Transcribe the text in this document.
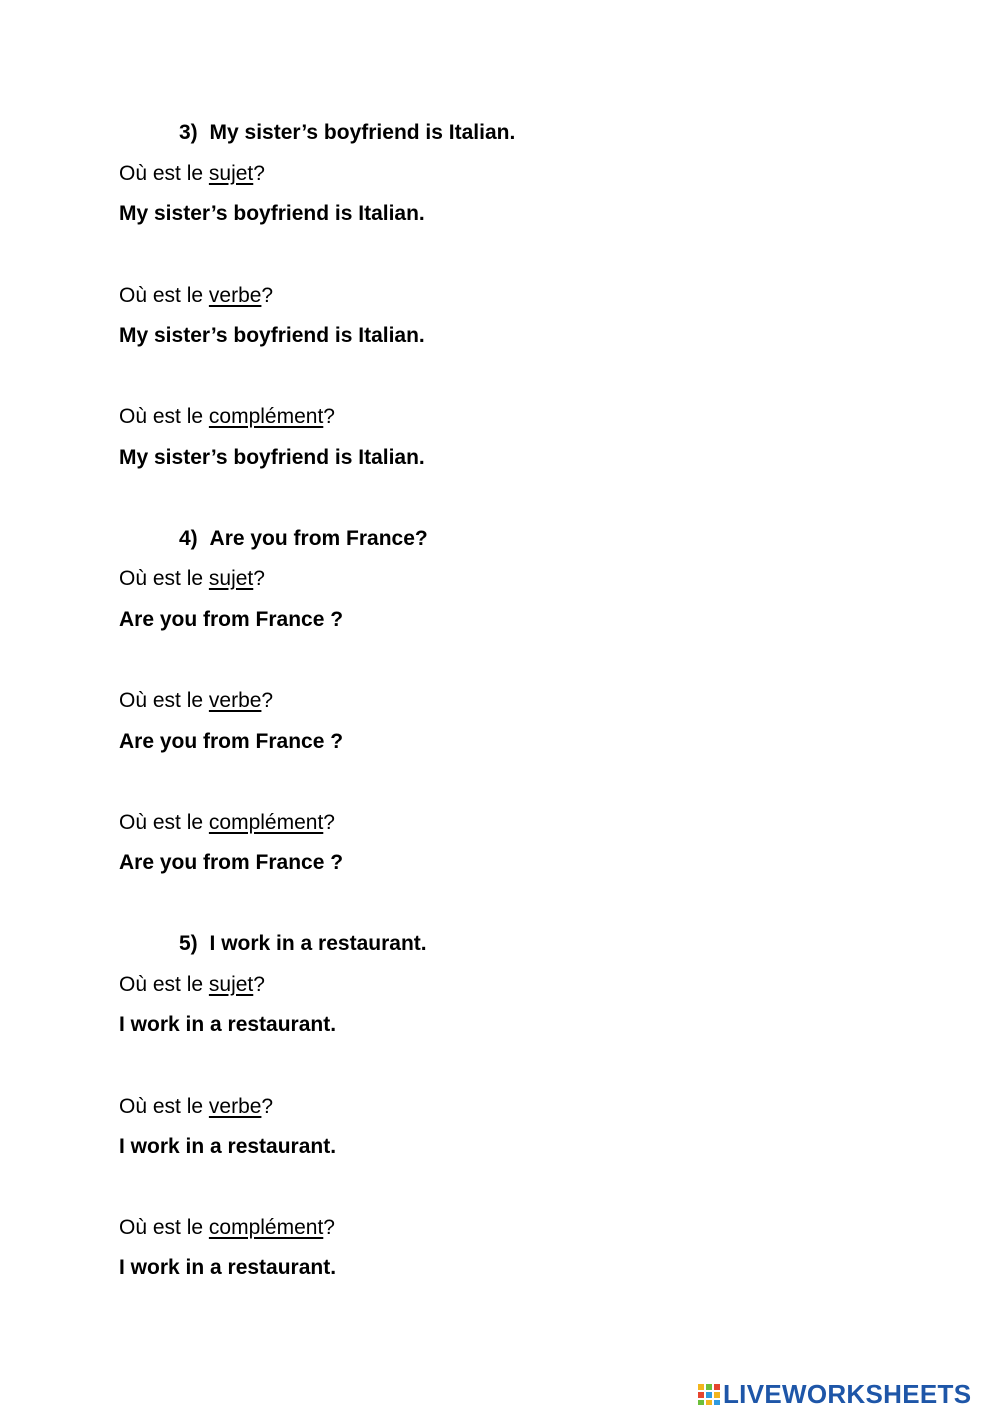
3) My sister’s boyfriend is Italian.
Où est le sujet?
My sister’s boyfriend is Italian.
Où est le verbe?
My sister’s boyfriend is Italian.
Où est le complément?
My sister’s boyfriend is Italian.
4) Are you from France?
Où est le sujet?
Are you from France ?
Où est le verbe?
Are you from France ?
Où est le complément?
Are you from France ?
5) I work in a restaurant.
Où est le sujet?
I work in a restaurant.
Où est le verbe?
I work in a restaurant.
Où est le complément?
I work in a restaurant.
LIVEWORKSHEETS
